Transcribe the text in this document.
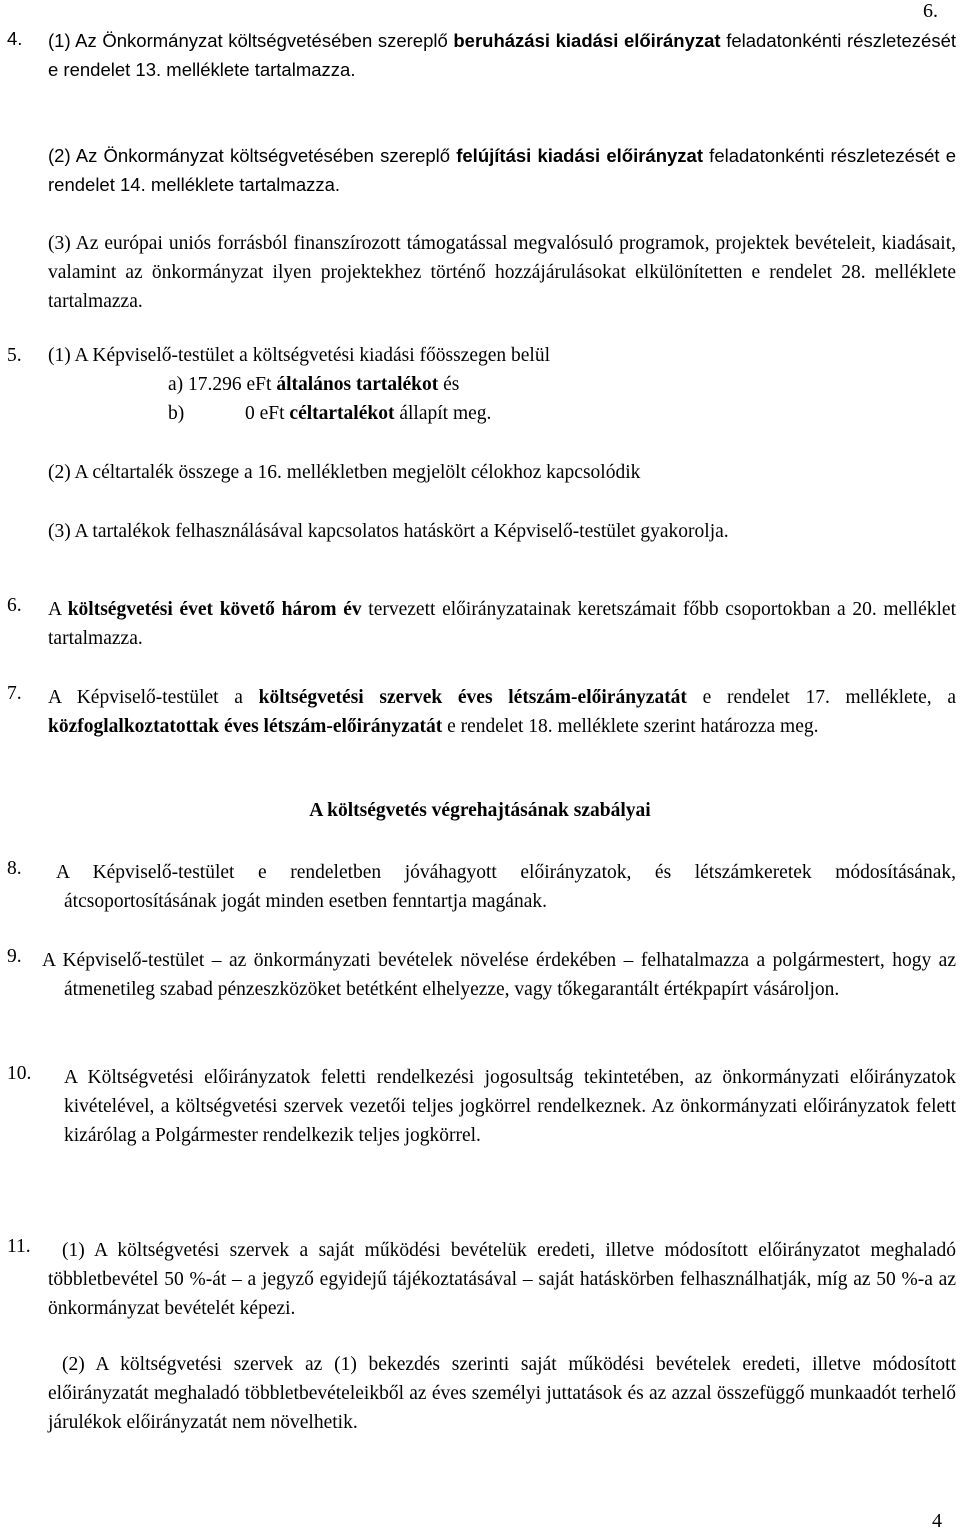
6.
4.
(1) Az Önkormányzat költségvetésében szereplő beruházási kiadási előirányzat feladatonkénti részletezését e rendelet 13. melléklete tartalmazza.
(2) Az Önkormányzat költségvetésében szereplő felújítási kiadási előirányzat feladatonkénti részletezését e rendelet 14. melléklete tartalmazza.
(3) Az európai uniós forrásból finanszírozott támogatással megvalósuló programok, projektek bevételeit, kiadásait, valamint az önkormányzat ilyen projektekhez történő hozzájárulásokat elkülönítetten e rendelet 28. melléklete tartalmazza.
5. (1) A Képviselő-testület a költségvetési kiadási főösszegen belül
a) 17.296 eFt általános tartalékot és
b)	0 eFt céltartalékot állapít meg.
(2) A céltartalék összege a 16. mellékletben megjelölt célokhoz kapcsolódik
(3) A tartalékok felhasználásával kapcsolatos hatáskört a Képviselő-testület gyakorolja.
6. A költségvetési évet követő három év tervezett előirányzatainak keretszámait főbb csoportokban a 20. melléklet tartalmazza.
7. A Képviselő-testület a költségvetési szervek éves létszám-előirányzatát e rendelet 17. melléklete, a közfoglalkoztatottak éves létszám-előirányzatát e rendelet 18. melléklete szerint határozza meg.
A költségvetés végrehajtásának szabályai
8. A Képviselő-testület e rendeletben jóváhagyott előirányzatok, és létszámkeretek módosításának, átcsoportosításának jogát minden esetben fenntartja magának.
9. A Képviselő-testület – az önkormányzati bevételek növelése érdekében – felhatalmazza a polgármestert, hogy az átmenetileg szabad pénzeszközöket betétként elhelyezze, vagy tőkegarantált értékpapírt vásároljon.
10. A Költségvetési előirányzatok feletti rendelkezési jogosultság tekintetében, az önkormányzati előirányzatok kivételével, a költségvetési szervek vezetői teljes jogkörrel rendelkeznek. Az önkormányzati előirányzatok felett kizárólag a Polgármester rendelkezik teljes jogkörrel.
11.	(1) A költségvetési szervek a saját működési bevételük eredeti, illetve módosított előirányzatot meghaladó többletbevétel 50 %-át – a jegyző egyidejű tájékoztatásával – saját hatáskörben felhasználhatják, míg az 50 %-a az önkormányzat bevételét képezi.
(2) A költségvetési szervek az (1) bekezdés szerinti saját működési bevételek eredeti, illetve módosított előirányzatát meghaladó többletbevételeikből az éves személyi juttatások és az azzal összefüggő munkaadót terhelő járulékok előirányzatát nem növelhetik.
4
